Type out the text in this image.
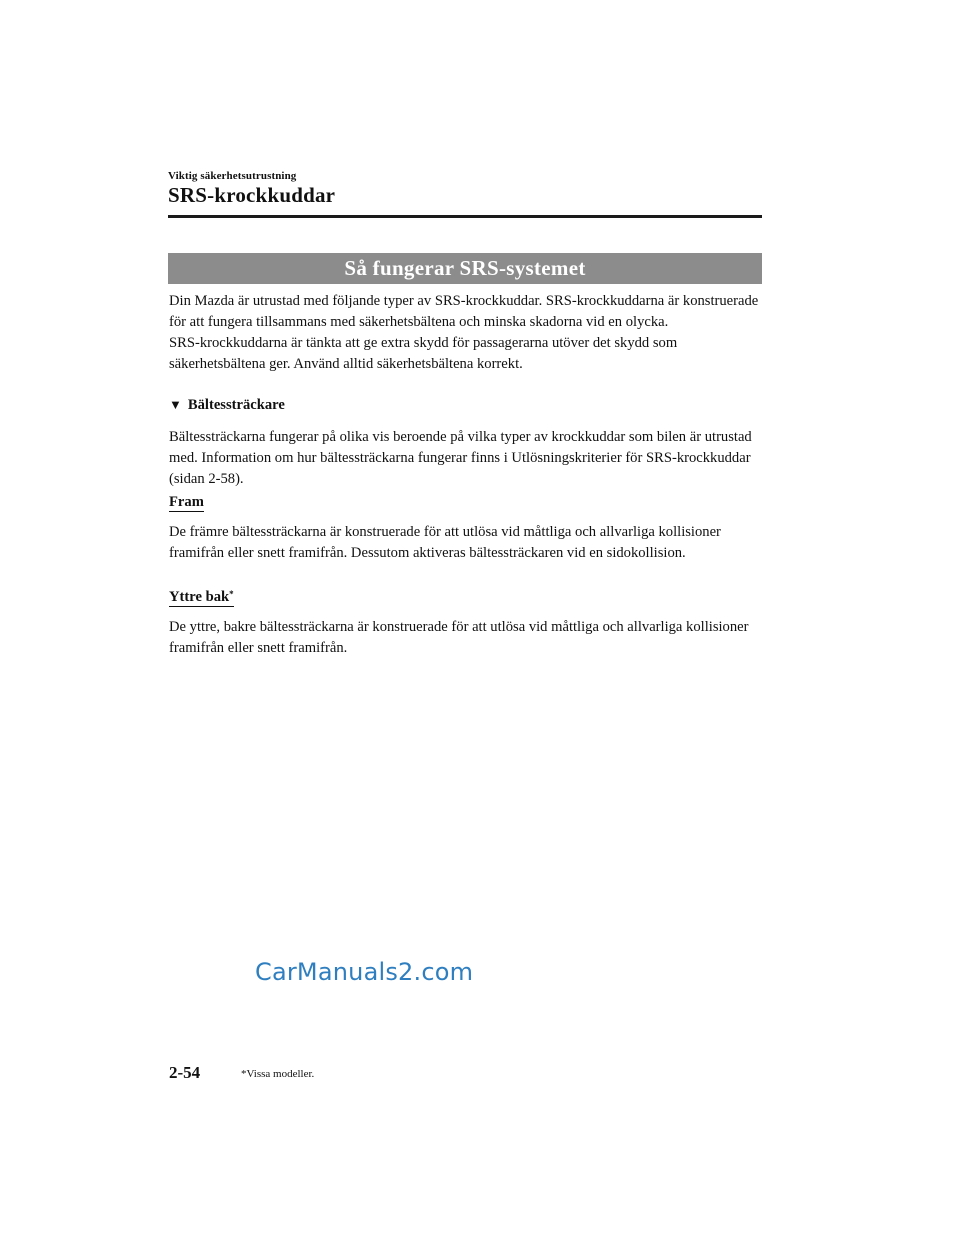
Viktig säkerhetsutrustning
SRS-krockkuddar
Så fungerar SRS-systemet

Din Mazda är utrustad med följande typer av SRS-krockkuddar. SRS-krockkuddarna är konstruerade för att fungera tillsammans med säkerhetsbältena och minska skadorna vid en olycka.

SRS-krockkuddarna är tänkta att ge extra skydd för passagerarna utöver det skydd som säkerhetsbältena ger. Använd alltid säkerhetsbältena korrekt.

▼ Bältessträckare

Bältessträckarna fungerar på olika vis beroende på vilka typer av krockkuddar som bilen är utrustad med. Information om hur bältessträckarna fungerar finns i Utlösningskriterier för SRS-krockkuddar (sidan 2-58).

Fram

De främre bältessträckarna är konstruerade för att utlösa vid måttliga och allvarliga kollisioner framifrån eller snett framifrån. Dessutom aktiveras bältessträckaren vid en sidokollision.

Yttre bak*

De yttre, bakre bältessträckarna är konstruerade för att utlösa vid måttliga och allvarliga kollisioner framifrån eller snett framifrån.

CarManuals2.com
2-54	*Vissa modeller.
